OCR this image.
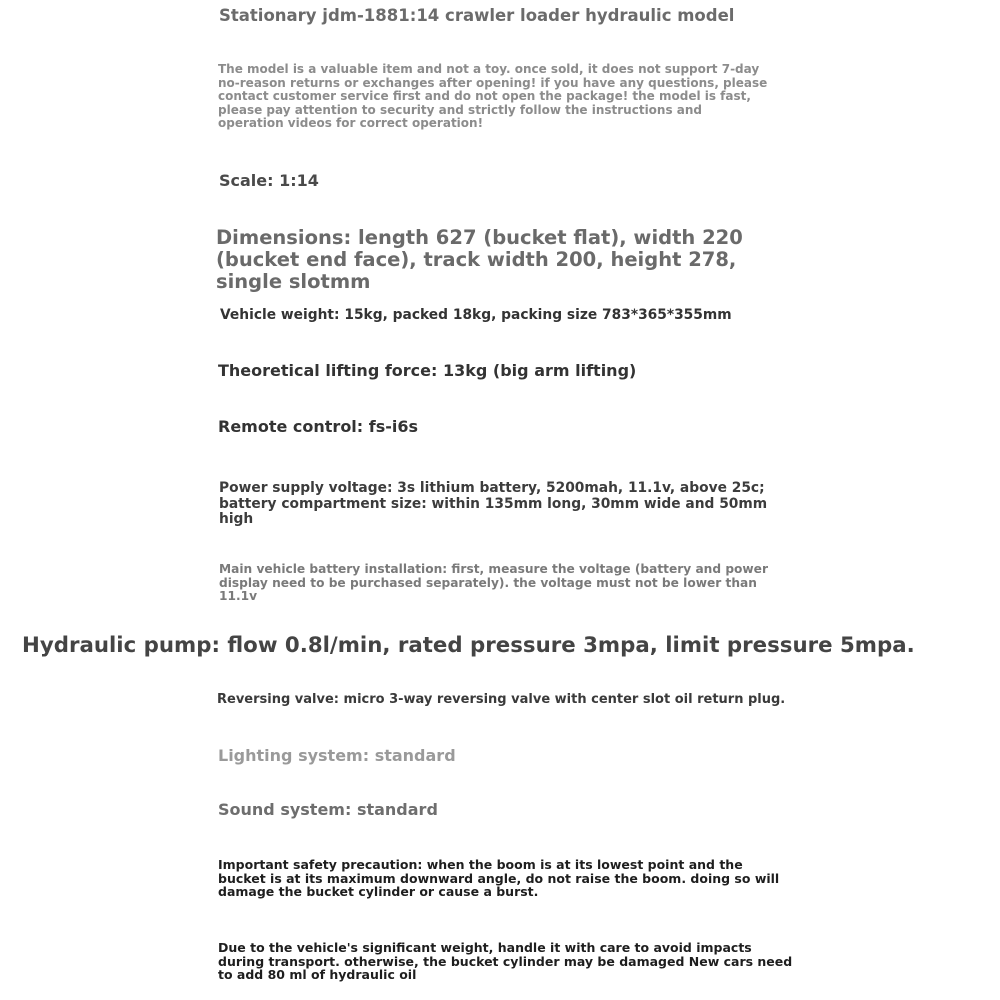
Stationary jdm-1881:14 crawler loader hydraulic model

The model is a valuable item and not a toy. once sold, it does not support 7-day no-reason returns or exchanges after opening! if you have any questions, please contact customer service first and do not open the package! the model is fast, please pay attention to security and strictly follow the instructions and operation videos for correct operation!

Scale: 1:14

Dimensions: length 627 (bucket flat), width 220 (bucket end face), track width 200, height 278, single slotmm

Vehicle weight: 15kg, packed 18kg, packing size 783*365*355mm

Theoretical lifting force: 13kg (big arm lifting)

Remote control: fs-i6s

Power supply voltage: 3s lithium battery, 5200mah, 11.1v, above 25c; battery compartment size: within 135mm long, 30mm wide and 50mm high

Main vehicle battery installation: first, measure the voltage (battery and power display need to be purchased separately). the voltage must not be lower than 11.1v

Hydraulic pump: flow 0.8l/min, rated pressure 3mpa, limit pressure 5mpa.

Reversing valve: micro 3-way reversing valve with center slot oil return plug.

Lighting system: standard

Sound system: standard

Important safety precaution: when the boom is at its lowest point and the bucket is at its maximum downward angle, do not raise the boom. doing so will damage the bucket cylinder or cause a burst.

Due to the vehicle's significant weight, handle it with care to avoid impacts during transport. otherwise, the bucket cylinder may be damaged New cars need to add 80 ml of hydraulic oil
